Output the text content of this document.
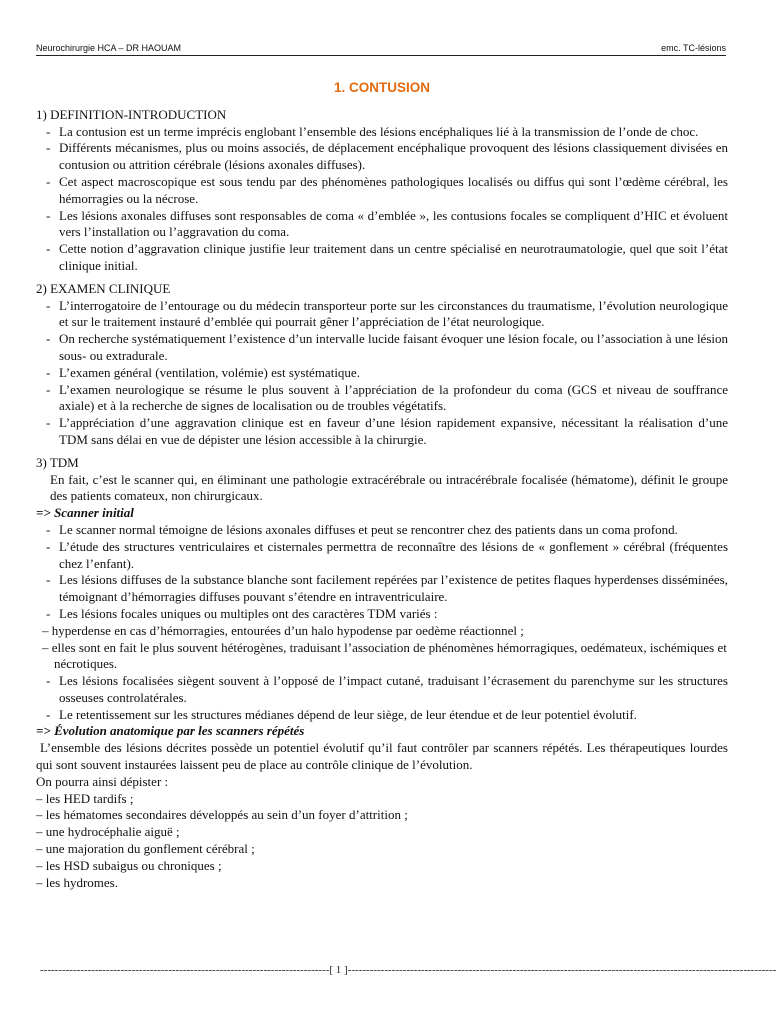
Neurochirurgie HCA – DR HAOUAM	emc. TC-lésions
1. CONTUSION

1) DEFINITION-INTRODUCTION

- La contusion est un terme imprécis englobant l’ensemble des lésions encéphaliques lié à la transmission de l’onde de choc.
- Différents mécanismes, plus ou moins associés, de déplacement encéphalique provoquent des lésions classiquement divisées en contusion ou attrition cérébrale (lésions axonales diffuses).
- Cet aspect macroscopique est sous tendu par des phénomènes pathologiques localisés ou diffus qui sont l’œdème cérébral, les hémorragies ou la nécrose.
- Les lésions axonales diffuses sont responsables de coma « d’emblée », les contusions focales se compliquent d’HIC et évoluent vers l’installation ou l’aggravation du coma.
- Cette notion d’aggravation clinique justifie leur traitement dans un centre spécialisé en neurotraumatologie, quel que soit l’état clinique initial.

2) EXAMEN CLINIQUE

- L’interrogatoire de l’entourage ou du médecin transporteur porte sur les circonstances du traumatisme, l’évolution neurologique et sur le traitement instauré d’emblée qui pourrait gêner l’appréciation de l’état neurologique.
- On recherche systématiquement l’existence d’un intervalle lucide faisant évoquer une lésion focale, ou l’association à une lésion sous- ou extradurale.
- L’examen général (ventilation, volémie) est systématique.
- L’examen neurologique se résume le plus souvent à l’appréciation de la profondeur du coma (GCS et niveau de souffrance axiale) et à la recherche de signes de localisation ou de troubles végétatifs.
- L’appréciation d’une aggravation clinique est en faveur d’une lésion rapidement expansive, nécessitant la réalisation d’une TDM sans délai en vue de dépister une lésion accessible à la chirurgie.

3) TDM

En fait, c’est le scanner qui, en éliminant une pathologie extracérébrale ou intracérébrale focalisée (hématome), définit le groupe des patients comateux, non chirurgicaux.

=> Scanner initial

- Le scanner normal témoigne de lésions axonales diffuses et peut se rencontrer chez des patients dans un coma profond.
- L’étude des structures ventriculaires et cisternales permettra de reconnaître des lésions de « gonflement » cérébral (fréquentes chez l’enfant).
- Les lésions diffuses de la substance blanche sont facilement repérées par l’existence de petites flaques hyperdenses disséminées, témoignant d’hémorragies diffuses pouvant s’étendre en intraventriculaire.
- Les lésions focales uniques ou multiples ont des caractères TDM variés :

– hyperdense en cas d’hémorragies, entourées d’un halo hypodense par oedème réactionnel ;

– elles sont en fait le plus souvent hétérogènes, traduisant l’association de phénomènes hémorragiques, oedémateux, ischémiques et nécrotiques.

- Les lésions focalisées siègent souvent à l’opposé de l’impact cutané, traduisant l’écrasement du parenchyme sur les structures osseuses controlatérales.
- Le retentissement sur les structures médianes dépend de leur siège, de leur étendue et de leur potentiel évolutif.

=> Évolution anatomique par les scanners répétés

L’ensemble des lésions décrites possède un potentiel évolutif qu’il faut contrôler par scanners répétés. Les thérapeutiques lourdes qui sont souvent instaurées laissent peu de place au contrôle clinique de l’évolution.

On pourra ainsi dépister :

– les HED tardifs ;

– les hématomes secondaires développés au sein d’un foyer d’attrition ;

– une hydrocéphalie aiguë ;

– une majoration du gonflement cérébral ;

– les HSD subaigus ou chroniques ;

– les hydromes.

-------------------------------------------------------------------------------[ 1 ]---------------------------------------------------------------------------------------------------------------------
